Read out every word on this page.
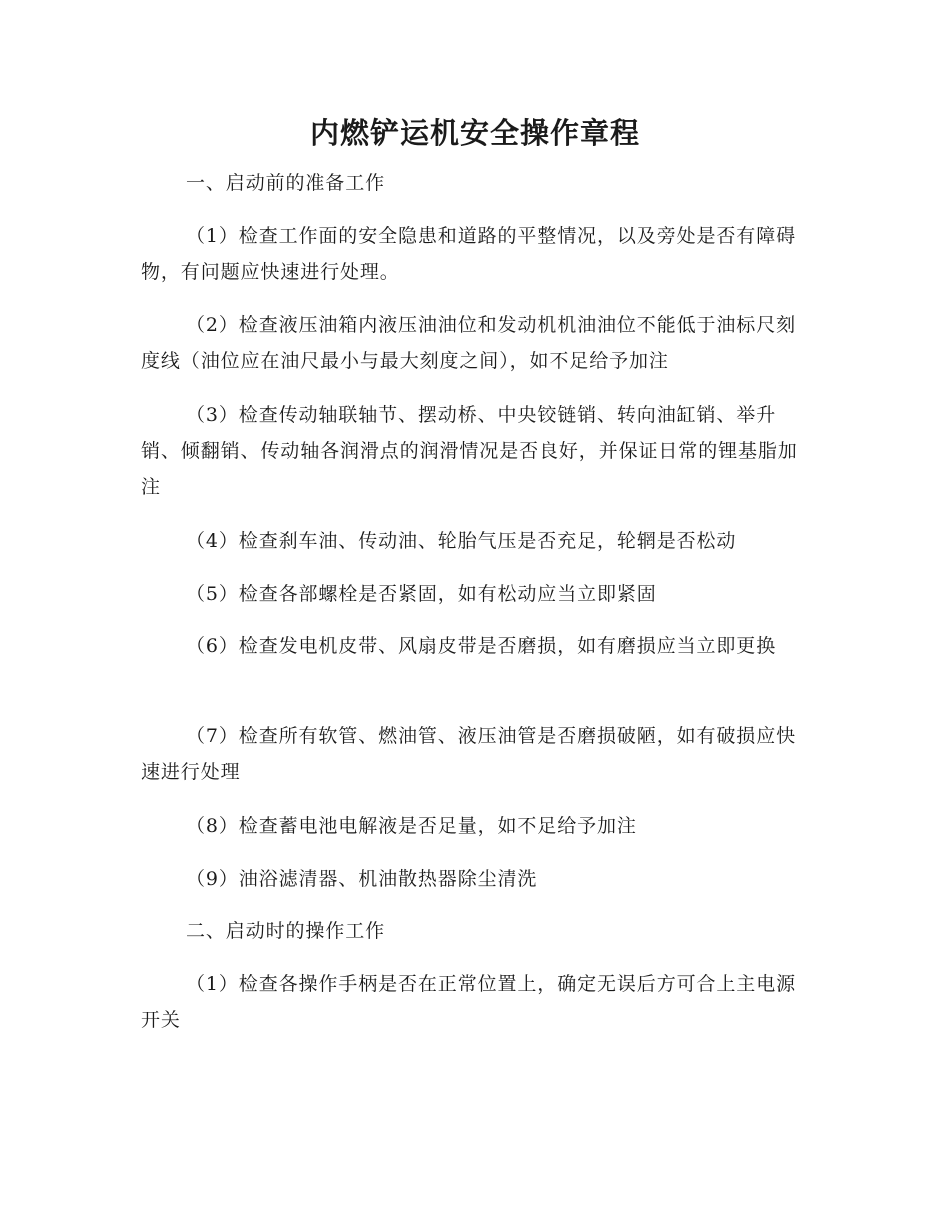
内燃铲运机安全操作章程

一、启动前的准备工作

（1）检查工作面的安全隐患和道路的平整情况，以及旁处是否有障碍物，有问题应快速进行处理。

（2）检查液压油箱内液压油油位和发动机机油油位不能低于油标尺刻度线（油位应在油尺最小与最大刻度之间），如不足给予加注

（3）检查传动轴联轴节、摆动桥、中央铰链销、转向油缸销、举升销、倾翻销、传动轴各润滑点的润滑情况是否良好，并保证日常的锂基脂加注

（4）检查刹车油、传动油、轮胎气压是否充足，轮辋是否松动

（5）检查各部螺栓是否紧固，如有松动应当立即紧固

（6）检查发电机皮带、风扇皮带是否磨损，如有磨损应当立即更换

（7）检查所有软管、燃油管、液压油管是否磨损破陋，如有破损应快速进行处理

（8）检查蓄电池电解液是否足量，如不足给予加注

（9）油浴滤清器、机油散热器除尘清洗

二、启动时的操作工作

（1）检查各操作手柄是否在正常位置上，确定无误后方可合上主电源开关
